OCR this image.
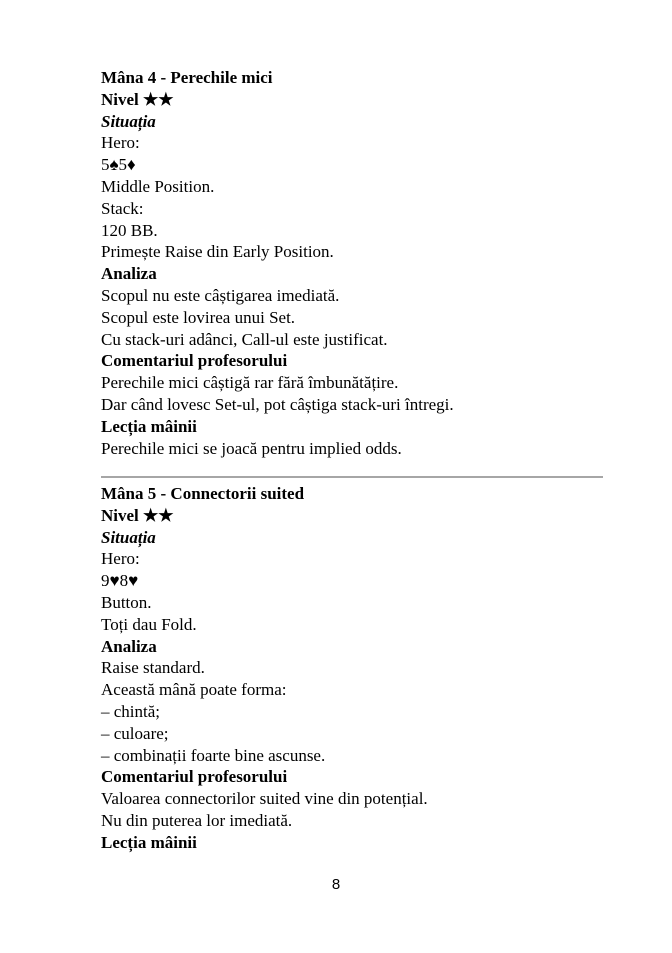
Mâna 4 - Perechile mici
Nivel ★★
Situația
Hero:
5♠5♦
Middle Position.
Stack:
120 BB.
Primește Raise din Early Position.
Analiza
Scopul nu este câștigarea imediată.
Scopul este lovirea unui Set.
Cu stack-uri adânci, Call-ul este justificat.
Comentariul profesorului
Perechile mici câștigă rar fără îmbunătățire.
Dar când lovesc Set-ul, pot câștiga stack-uri întregi.
Lecția mâinii
Perechile mici se joacă pentru implied odds.
Mâna 5 - Connectorii suited
Nivel ★★
Situația
Hero:
9♥8♥
Button.
Toți dau Fold.
Analiza
Raise standard.
Această mână poate forma:
– chintă;
– culoare;
– combinații foarte bine ascunse.
Comentariul profesorului
Valoarea connectorilor suited vine din potențial.
Nu din puterea lor imediată.
Lecția mâinii
8
